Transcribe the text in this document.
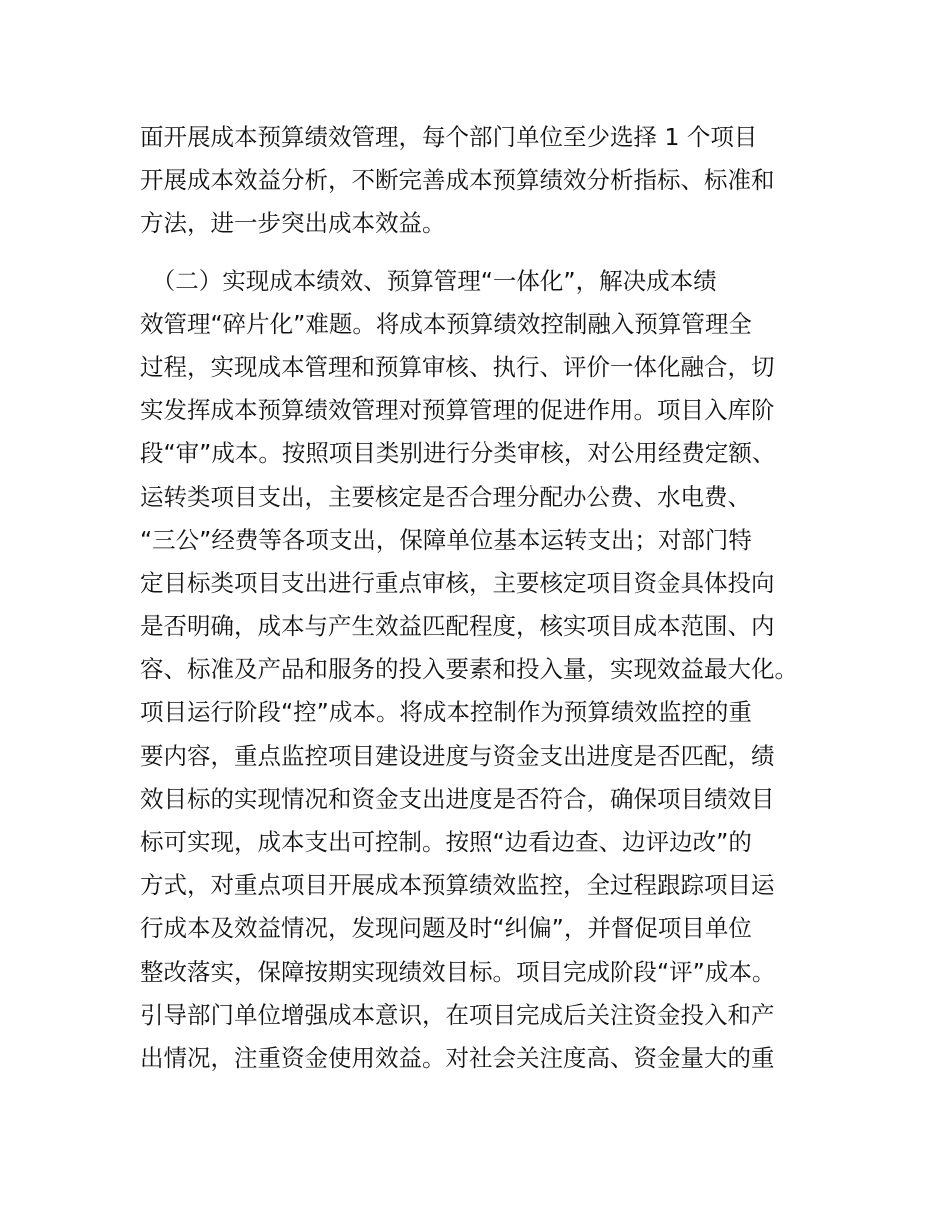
面开展成本预算绩效管理，每个部门单位至少选择 1 个项目
开展成本效益分析，不断完善成本预算绩效分析指标、标准和
方法，进一步突出成本效益。
　（二）实现成本绩效、预算管理“一体化”，解决成本绩
效管理“碎片化”难题。将成本预算绩效控制融入预算管理全
过程，实现成本管理和预算审核、执行、评价一体化融合，切
实发挥成本预算绩效管理对预算管理的促进作用。项目入库阶
段“审”成本。按照项目类别进行分类审核，对公用经费定额、
运转类项目支出，主要核定是否合理分配办公费、水电费、
“三公”经费等各项支出，保障单位基本运转支出；对部门特
定目标类项目支出进行重点审核，主要核定项目资金具体投向
是否明确，成本与产生效益匹配程度，核实项目成本范围、内
容、标准及产品和服务的投入要素和投入量，实现效益最大化。
项目运行阶段“控”成本。将成本控制作为预算绩效监控的重
要内容，重点监控项目建设进度与资金支出进度是否匹配，绩
效目标的实现情况和资金支出进度是否符合，确保项目绩效目
标可实现，成本支出可控制。按照“边看边查、边评边改”的
方式，对重点项目开展成本预算绩效监控，全过程跟踪项目运
行成本及效益情况，发现问题及时“纠偏”，并督促项目单位
整改落实，保障按期实现绩效目标。项目完成阶段“评”成本。
引导部门单位增强成本意识，在项目完成后关注资金投入和产
出情况，注重资金使用效益。对社会关注度高、资金量大的重
